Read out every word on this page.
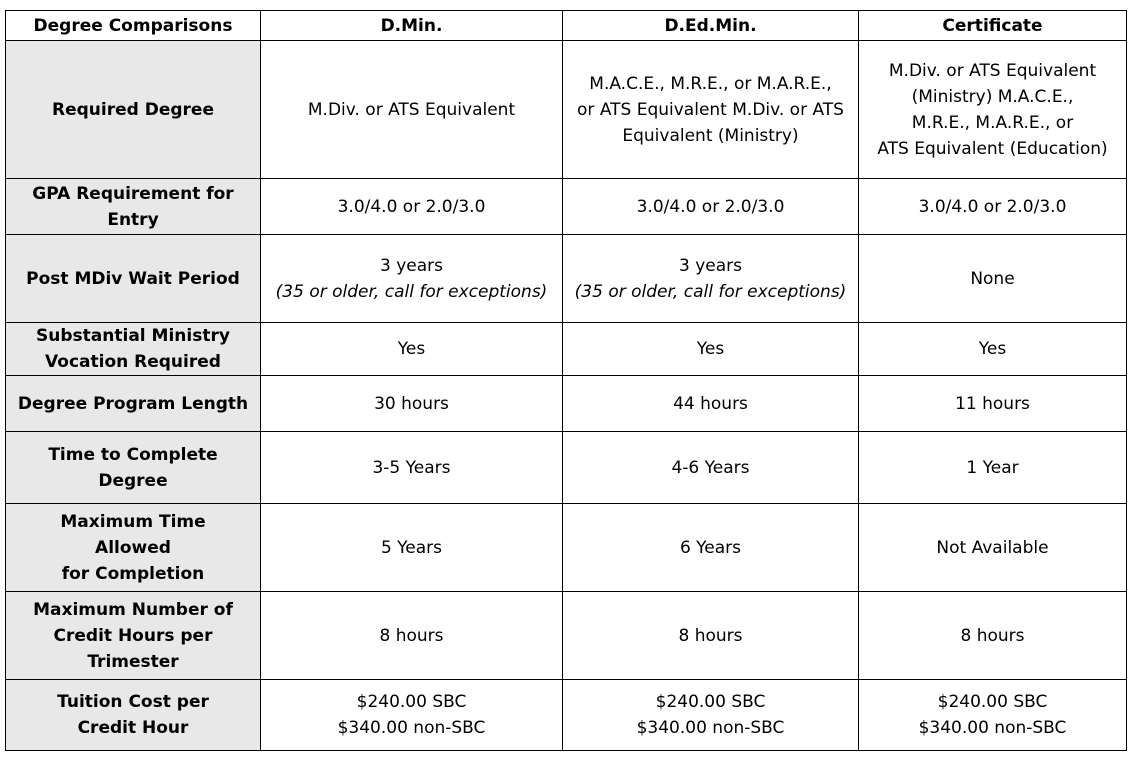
Degree Comparisons	D.Min.	D.Ed.Min.	Certificate

Required Degree	M.Div. or ATS Equivalent	M.A.C.E., M.R.E., or M.A.R.E.,
or ATS Equivalent M.Div. or ATS
Equivalent (Ministry)	M.Div. or ATS Equivalent
(Ministry) M.A.C.E.,
M.R.E., M.A.R.E., or
ATS Equivalent (Education)

GPA Requirement for Entry	3.0/4.0 or 2.0/3.0	3.0/4.0 or 2.0/3.0	3.0/4.0 or 2.0/3.0

Post MDiv Wait Period	3 years
(35 or older, call for exceptions)	3 years
(35 or older, call for exceptions)	None

Substantial Ministry
Vocation Required	Yes	Yes	Yes

Degree Program Length	30 hours	44 hours	11 hours

Time to Complete
Degree	3-5 Years	4-6 Years	1 Year

Maximum Time
Allowed
for Completion	5 Years	6 Years	Not Available

Maximum Number of
Credit Hours per
Trimester	8 hours	8 hours	8 hours

Tuition Cost per
Credit Hour	$240.00 SBC
$340.00 non-SBC	$240.00 SBC
$340.00 non-SBC	$240.00 SBC
$340.00 non-SBC
